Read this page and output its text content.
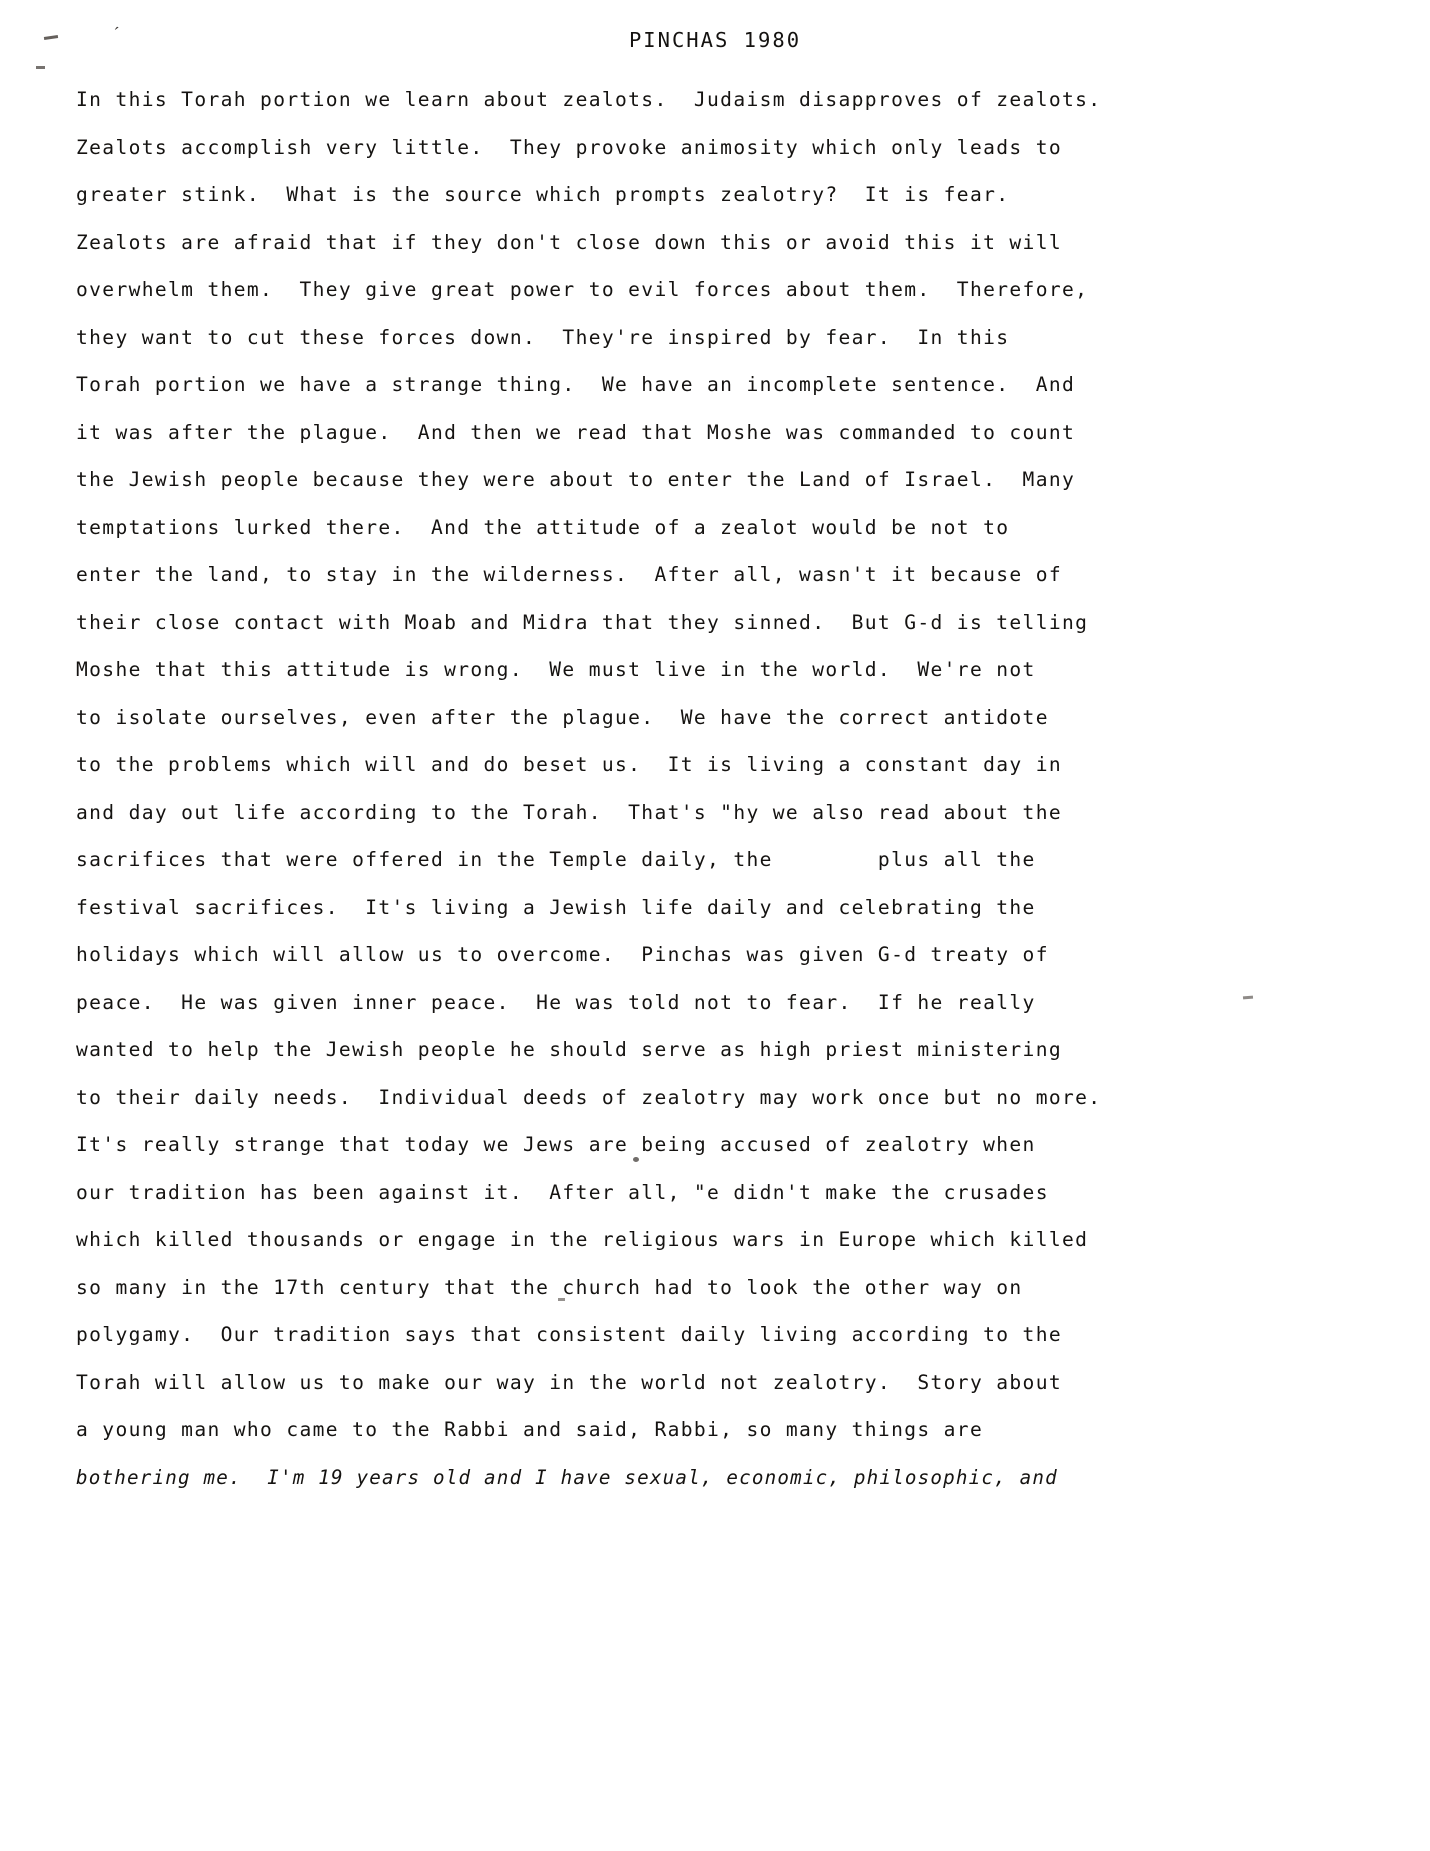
′	PINCHAS 1980
In this Torah portion we learn about zealots.  Judaism disapproves of zealots.
Zealots accomplish very little.  They provoke animosity which only leads to
greater stink.  What is the source which prompts zealotry?  It is fear.
Zealots are afraid that if they don't close down this or avoid this it will
overwhelm them.  They give great power to evil forces about them.  Therefore,
they want to cut these forces down.  They're inspired by fear.  In this
Torah portion we have a strange thing.  We have an incomplete sentence.  And
it was after the plague.  And then we read that Moshe was commanded to count
the Jewish people because they were about to enter the Land of Israel.  Many
temptations lurked there.  And the attitude of a zealot would be not to
enter the land, to stay in the wilderness.  After all, wasn't it because of
their close contact with Moab and Midra that they sinned.  But G-d is telling
Moshe that this attitude is wrong.  We must live in the world.  We're not
to isolate ourselves, even after the plague.  We have the correct antidote
to the problems which will and do beset us.  It is living a constant day in
and day out life according to the Torah.  That's "hy we also read about the
sacrifices that were offered in the Temple daily, the        plus all the
festival sacrifices.  It's living a Jewish life daily and celebrating the
holidays which will allow us to overcome.  Pinchas was given G-d treaty of
peace.  He was given inner peace.  He was told not to fear.  If he really
wanted to help the Jewish people he should serve as high priest ministering
to their daily needs.  Individual deeds of zealotry may work once but no more.
It's really strange that today we Jews are being accused of zealotry when
our tradition has been against it.  After all, "e didn't make the crusades
which killed thousands or engage in the religious wars in Europe which killed
so many in the 17th century that the church had to look the other way on
polygamy.  Our tradition says that consistent daily living according to the
Torah will allow us to make our way in the world not zealotry.  Story about
a young man who came to the Rabbi and said, Rabbi, so many things are
bothering me.  I'm 19 years old and I have sexual, economic, philosophic, and
